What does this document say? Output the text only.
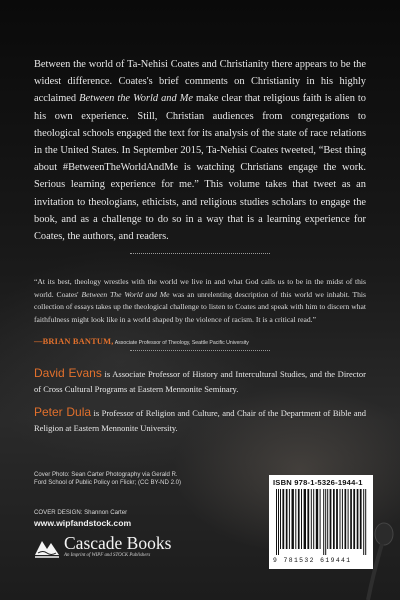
Between the world of Ta-Nehisi Coates and Christianity there appears to be the widest difference. Coates's brief comments on Christianity in his highly acclaimed Between the World and Me make clear that religious faith is alien to his own experience. Still, Christian audiences from congregations to theological schools engaged the text for its analysis of the state of race relations in the United States. In September 2015, Ta-Nehisi Coates tweeted, “Best thing about #BetweenTheWorldAndMe is watching Christians engage the work. Serious learning experience for me.” This volume takes that tweet as an invitation to theologians, ethicists, and religious studies scholars to engage the book, and as a challenge to do so in a way that is a learning experience for Coates, the authors, and readers.

“At its best, theology wrestles with the world we live in and what God calls us to be in the midst of this world. Coates' Between The World and Me was an unrelenting description of this world we inhabit. This collection of essays takes up the theological challenge to listen to Coates and speak with him to discern what faithfulness might look like in a world shaped by the violence of racism. It is a critical read.”

—BRIAN BANTUM, Associate Professor of Theology, Seattle Pacific University

David Evans is Associate Professor of History and Intercultural Studies, and the Director of Cross Cultural Programs at Eastern Mennonite Seminary.

Peter Dula is Professor of Religion and Culture, and Chair of the Department of Bible and Religion at Eastern Mennonite University.

Cover Photo: Sean Carter Photography via Gerald R. Ford School of Public Policy on Flickr; (CC BY-ND 2.0)

COVER DESIGN: Shannon Carter

www.wipfandstock.com

Cascade Books
An Imprint of WIPF and STOCK Publishers

ISBN 978-1-5326-1944-1

9 781532 619441
